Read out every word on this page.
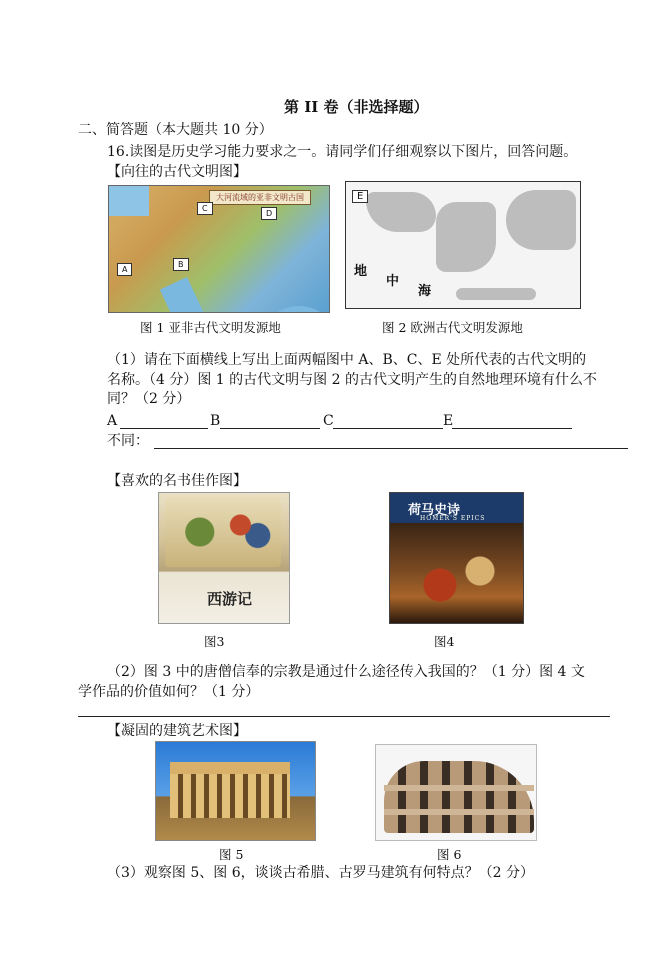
第 II 卷（非选择题）
二、简答题（本大题共 10 分）
16.读图是历史学习能力要求之一。请同学们仔细观察以下图片，回答问题。
【向往的古代文明图】
大河流域的亚非文明古国
A
B
C
D
图 1 亚非古代文明发源地
E
地
中
海
图 2 欧洲古代文明发源地
（1）请在下面横线上写出上面两幅图中 A、B、C、E 处所代表的古代文明的
名称。（4 分）图 1 的古代文明与图 2 的古代文明产生的自然地理环境有什么不
同？（2 分）
A	B	C	E
不同：
【喜欢的名书佳作图】
西游记
图3
荷马史诗
HOMER'S EPICS
图4
（2）图 3 中的唐僧信奉的宗教是通过什么途径传入我国的？（1 分）图 4 文
学作品的价值如何？（1 分）
【凝固的建筑艺术图】
图 5	图 6
（3）观察图 5、图 6，谈谈古希腊、古罗马建筑有何特点？（2 分）
